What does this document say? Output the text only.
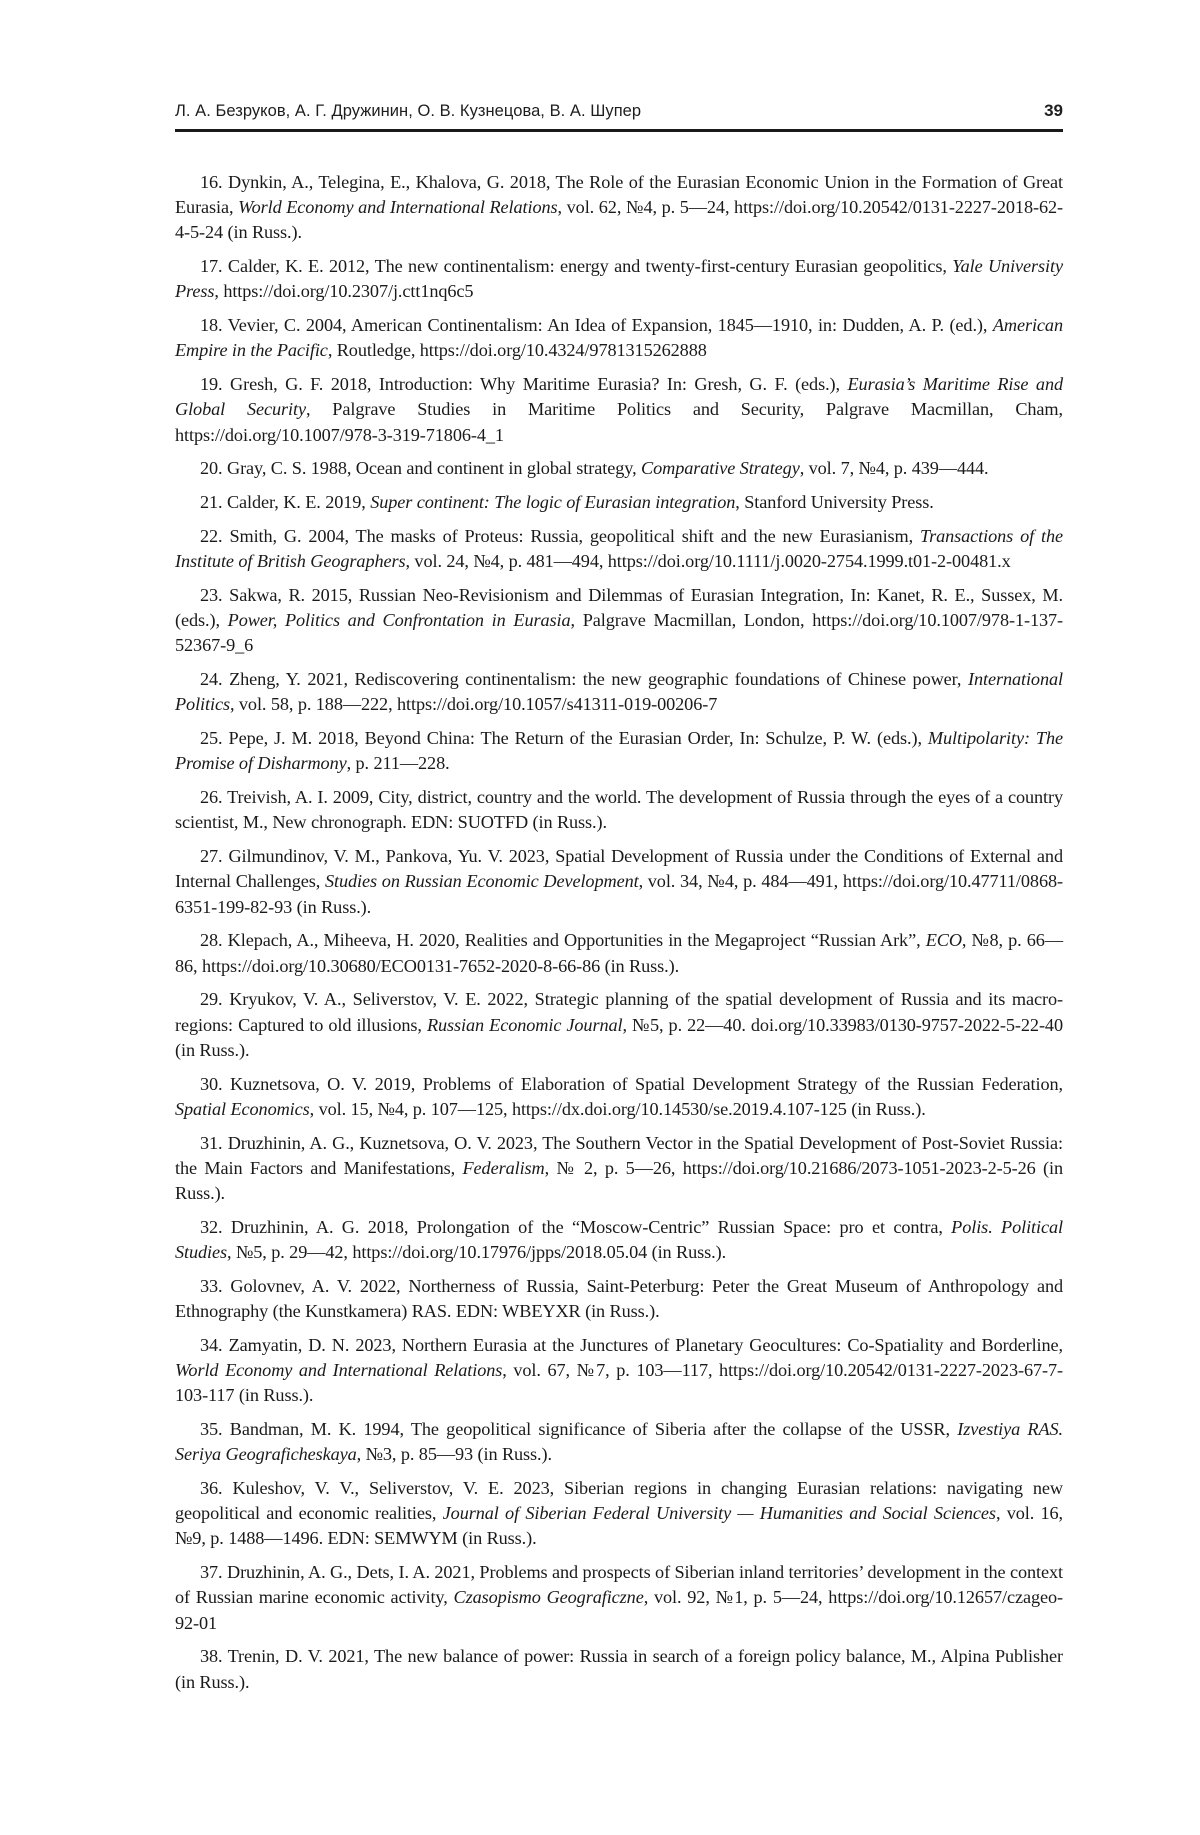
Л. А. Безруков, А. Г. Дружинин, О. В. Кузнецова, В. А. Шупер	39
16. Dynkin, A., Telegina, E., Khalova, G. 2018, The Role of the Eurasian Economic Union in the Formation of Great Eurasia, World Economy and International Relations, vol. 62, №4, p. 5—24, https://doi.org/10.20542/0131-2227-2018-62-4-5-24 (in Russ.).
17. Calder, K. E. 2012, The new continentalism: energy and twenty-first-century Eurasian geopolitics, Yale University Press, https://doi.org/10.2307/j.ctt1nq6c5
18. Vevier, C. 2004, American Continentalism: An Idea of Expansion, 1845—1910, in: Dudden, A. P. (ed.), American Empire in the Pacific, Routledge, https://doi.org/10.4324/9781315262888
19. Gresh, G. F. 2018, Introduction: Why Maritime Eurasia? In: Gresh, G. F. (eds.), Eurasia’s Maritime Rise and Global Security, Palgrave Studies in Maritime Politics and Security, Palgrave Macmillan, Cham, https://doi.org/10.1007/978-3-319-71806-4_1
20. Gray, C. S. 1988, Ocean and continent in global strategy, Comparative Strategy, vol. 7, №4, p. 439—444.
21. Calder, K. E. 2019, Super continent: The logic of Eurasian integration, Stanford University Press.
22. Smith, G. 2004, The masks of Proteus: Russia, geopolitical shift and the new Eurasianism, Transactions of the Institute of British Geographers, vol. 24, №4, p. 481—494, https://doi.org/10.1111/j.0020-2754.1999.t01-2-00481.x
23. Sakwa, R. 2015, Russian Neo-Revisionism and Dilemmas of Eurasian Integration, In: Kanet, R. E., Sussex, M. (eds.), Power, Politics and Confrontation in Eurasia, Palgrave Macmillan, London, https://doi.org/10.1007/978-1-137-52367-9_6
24. Zheng, Y. 2021, Rediscovering continentalism: the new geographic foundations of Chinese power, International Politics, vol. 58, p. 188—222, https://doi.org/10.1057/s41311-019-00206-7
25. Pepe, J. M. 2018, Beyond China: The Return of the Eurasian Order, In: Schulze, P. W. (eds.), Multipolarity: The Promise of Disharmony, p. 211—228.
26. Treivish, A. I. 2009, City, district, country and the world. The development of Russia through the eyes of a country scientist, M., New chronograph. EDN: SUOTFD (in Russ.).
27. Gilmundinov, V. M., Pankova, Yu. V. 2023, Spatial Development of Russia under the Conditions of External and Internal Challenges, Studies on Russian Economic Development, vol. 34, №4, p. 484—491, https://doi.org/10.47711/0868-6351-199-82-93 (in Russ.).
28. Klepach, A., Miheeva, H. 2020, Realities and Opportunities in the Megaproject “Russian Ark”, ECO, №8, p. 66—86, https://doi.org/10.30680/ECO0131-7652-2020-8-66-86 (in Russ.).
29. Kryukov, V. A., Seliverstov, V. E. 2022, Strategic planning of the spatial development of Russia and its macro-regions: Captured to old illusions, Russian Economic Journal, №5, p. 22—40. doi.org/10.33983/0130-9757-2022-5-22-40 (in Russ.).
30. Kuznetsova, O. V. 2019, Problems of Elaboration of Spatial Development Strategy of the Russian Federation, Spatial Economics, vol. 15, №4, p. 107—125, https://dx.doi.org/10.14530/se.2019.4.107-125 (in Russ.).
31. Druzhinin, A. G., Kuznetsova, O. V. 2023, The Southern Vector in the Spatial Development of Post-Soviet Russia: the Main Factors and Manifestations, Federalism, № 2, p. 5—26, https://doi.org/10.21686/2073-1051-2023-2-5-26 (in Russ.).
32. Druzhinin, A. G. 2018, Prolongation of the “Moscow-Centric” Russian Space: pro et contra, Polis. Political Studies, №5, p. 29—42, https://doi.org/10.17976/jpps/2018.05.04 (in Russ.).
33. Golovnev, A. V. 2022, Northerness of Russia, Saint-Peterburg: Peter the Great Museum of Anthropology and Ethnography (the Kunstkamera) RAS. EDN: WBEYXR (in Russ.).
34. Zamyatin, D. N. 2023, Northern Eurasia at the Junctures of Planetary Geocultures: Co-Spatiality and Borderline, World Economy and International Relations, vol. 67, №7, p. 103—117, https://doi.org/10.20542/0131-2227-2023-67-7-103-117 (in Russ.).
35. Bandman, M. K. 1994, The geopolitical significance of Siberia after the collapse of the USSR, Izvestiya RAS. Seriya Geograficheskaya, №3, p. 85—93 (in Russ.).
36. Kuleshov, V. V., Seliverstov, V. E. 2023, Siberian regions in changing Eurasian relations: navigating new geopolitical and economic realities, Journal of Siberian Federal University — Humanities and Social Sciences, vol. 16, №9, p. 1488—1496. EDN: SEMWYM (in Russ.).
37. Druzhinin, A. G., Dets, I. A. 2021, Problems and prospects of Siberian inland territories’ development in the context of Russian marine economic activity, Czasopismo Geograficzne, vol. 92, №1, p. 5—24, https://doi.org/10.12657/czageo-92-01
38. Trenin, D. V. 2021, The new balance of power: Russia in search of a foreign policy balance, M., Alpina Publisher (in Russ.).
